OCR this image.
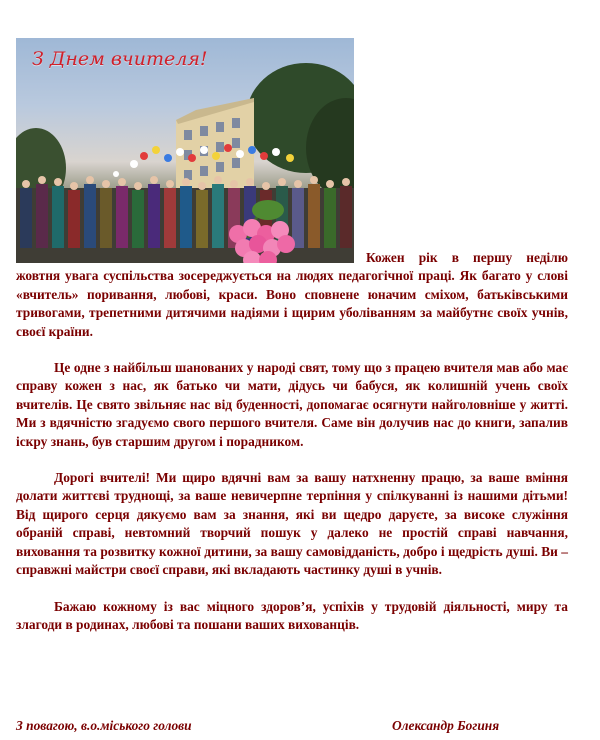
З Днем вчителя!

Кожен рік в першу неділю жовтня увага суспільства зосереджується на людях педагогічної праці. Як багато у слові «вчитель» поривання, любові, краси. Воно сповнене юначим сміхом, батьківськими тривогами, трепетними дитячими надіями і щирим уболіванням за майбутнє своїх учнів, своєї країни.

Це одне з найбільш шанованих у народі свят, тому що з працею вчителя мав або має справу кожен з нас, як батько чи мати, дідусь чи бабуся, як колишній учень своїх вчителів. Це свято звільняє нас від буденності, допомагає осягнути найголовніше у житті. Ми з вдячністю згадуємо свого першого вчителя. Саме він долучив нас до книги, запалив іскру знань, був старшим другом і порадником.

Дорогі вчителі! Ми щиро вдячні вам за вашу натхненну працю, за ваше вміння долати життєві труднощі, за ваше невичерпне терпіння у спілкуванні із нашими дітьми! Від щирого серця дякуємо вам за знання, які ви щедро даруєте, за високе служіння обраній справі, невтомний творчий пошук у далеко не простій справі навчання, виховання та розвитку кожної дитини, за вашу самовідданість, добро і щедрість душі. Ви – справжні майстри своєї справи, які вкладають частинку душі в учнів.

Бажаю кожному із вас міцного здоров’я, успіхів у трудовій діяльності, миру та злагоди в родинах, любові та пошани ваших вихованців.

З повагою, в.о.міського голови	Олександр Богиня
